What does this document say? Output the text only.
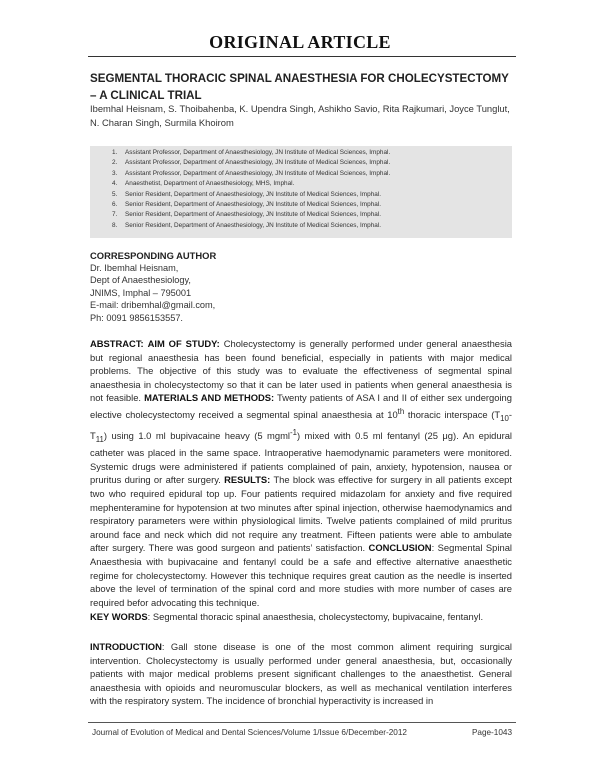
ORIGINAL ARTICLE
SEGMENTAL THORACIC SPINAL ANAESTHESIA FOR CHOLECYSTECTOMY – A CLINICAL TRIAL
Ibemhal Heisnam, S. Thoibahenba, K. Upendra Singh, Ashikho Savio, Rita Rajkumari, Joyce Tunglut, N. Charan Singh, Surmila Khoirom
1.	Assistant Professor, Department of Anaesthesiology, JN Institute of Medical Sciences, Imphal.
2.	Assistant Professor, Department of Anaesthesiology, JN Institute of Medical Sciences, Imphal.
3.	Assistant Professor, Department of Anaesthesiology, JN Institute of Medical Sciences, Imphal.
4.	Anaesthetist, Department of Anaesthesiology, MHS, Imphal.
5.	Senior Resident, Department of Anaesthesiology, JN Institute of Medical Sciences, Imphal.
6.	Senior Resident, Department of Anaesthesiology, JN Institute of Medical Sciences, Imphal.
7.	Senior Resident, Department of Anaesthesiology, JN Institute of Medical Sciences, Imphal.
8.	Senior Resident, Department of Anaesthesiology, JN Institute of Medical Sciences, Imphal.
CORRESPONDING AUTHOR
Dr. Ibemhal Heisnam,
Dept of Anaesthesiology,
JNIMS, Imphal – 795001
E-mail: dribemhal@gmail.com,
Ph: 0091 9856153557.

ABSTRACT: AIM OF STUDY: Cholecystectomy is generally performed under general anaesthesia but regional anaesthesia has been found beneficial, especially in patients with major medical problems. The objective of this study was to evaluate the effectiveness of segmental spinal anaesthesia in cholecystectomy so that it can be later used in patients when general anaesthesia is not feasible. MATERIALS AND METHODS: Twenty patients of ASA I and II of either sex undergoing elective cholecystectomy received a segmental spinal anaesthesia at 10th thoracic interspace ($T_{10}-$ $T_{11}$) using 1.0 ml bupivacaine heavy (5 mgml$^{-1}$) mixed with 0.5 ml fentanyl (25 μg). An epidural catheter was placed in the same space. Intraoperative haemodynamic parameters were monitored. Systemic drugs were administered if patients complained of pain, anxiety, hypotension, nausea or pruritus during or after surgery. RESULTS: The block was effective for surgery in all patients except two who required epidural top up. Four patients required midazolam for anxiety and five required mephenteramine for hypotension at two minutes after spinal injection, otherwise haemodynamics and respiratory parameters were within physiological limits. Twelve patients complained of mild pruritus around face and neck which did not require any treatment. Fifteen patients were able to ambulate after surgery. There was good surgeon and patients’ satisfaction. CONCLUSION: Segmental Spinal Anaesthesia with bupivacaine and fentanyl could be a safe and effective alternative anaesthetic regime for cholecystectomy. However this technique requires great caution as the needle is inserted above the level of termination of the spinal cord and more studies with more number of cases are required befor advocating this technique.

KEY WORDS: Segmental thoracic spinal anaesthesia, cholecystectomy, bupivacaine, fentanyl.

INTRODUCTION: Gall stone disease is one of the most common aliment requiring surgical intervention. Cholecystectomy is usually performed under general anaesthesia, but, occasionally patients with major medical problems present significant challenges to the anaesthetist. General anaesthesia with opioids and neuromuscular blockers, as well as mechanical ventilation interferes with the respiratory system. The incidence of bronchial hyperactivity is increased in

Journal of Evolution of Medical and Dental Sciences/Volume 1/Issue 6/December-2012	Page-1043
